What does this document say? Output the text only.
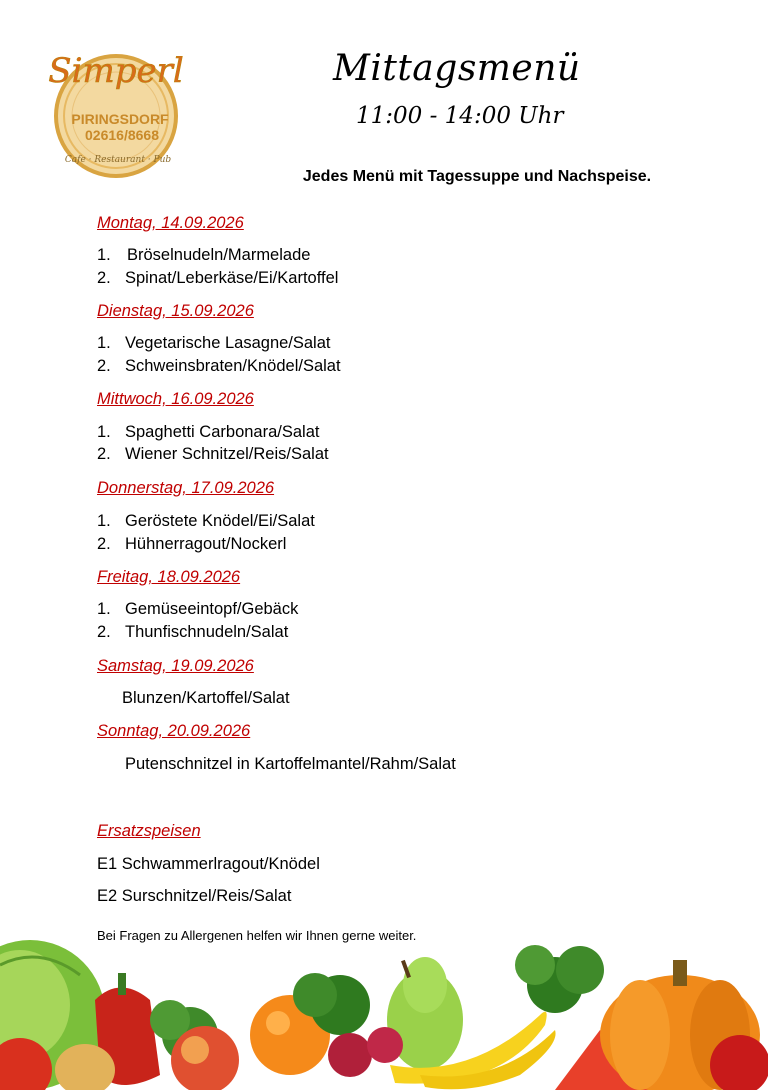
Simperl
PIRINGSDORF
02616/8668
Cafe · Restaurant · Pub
Mittagsmenü
11:00 - 14:00 Uhr
Jedes Menü mit Tagessuppe und Nachspeise.
Montag, 14.09.2026
1. Bröselnudeln/Marmelade
2. Spinat/Leberkäse/Ei/Kartoffel
Dienstag, 15.09.2026
1. Vegetarische Lasagne/Salat
2. Schweinsbraten/Knödel/Salat
Mittwoch, 16.09.2026
1. Spaghetti Carbonara/Salat
2. Wiener Schnitzel/Reis/Salat
Donnerstag, 17.09.2026
1. Geröstete Knödel/Ei/Salat
2. Hühnerragout/Nockerl
Freitag, 18.09.2026
1. Gemüseeintopf/Gebäck
2. Thunfischnudeln/Salat
Samstag, 19.09.2026
Blunzen/Kartoffel/Salat
Sonntag, 20.09.2026
Putenschnitzel in Kartoffelmantel/Rahm/Salat
Ersatzspeisen
E1 Schwammerlragout/Knödel
E2 Surschnitzel/Reis/Salat
Bei Fragen zu Allergenen helfen wir Ihnen gerne weiter.
